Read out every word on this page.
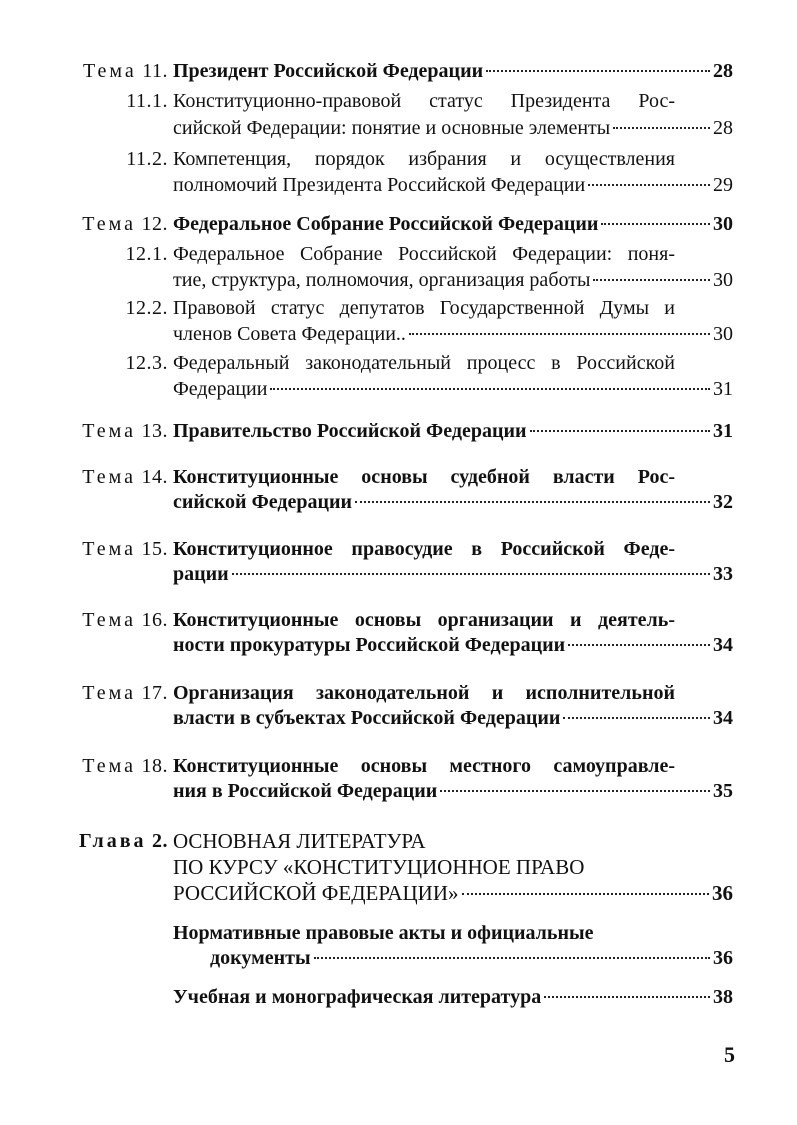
Тема 11. Президент Российской Федерации	28
11.1. Конституционно-правовой статус Президента Рос-
сийской Федерации: понятие и основные элементы	28
11.2. Компетенция, порядок избрания и осуществления
полномочий Президента Российской Федерации	29
Тема 12. Федеральное Собрание Российской Федерации	30
12.1. Федеральное Собрание Российской Федерации: поня-
тие, структура, полномочия, организация работы	30
12.2. Правовой статус депутатов Государственной Думы и
членов Совета Федерации..	30
12.3. Федеральный законодательный процесс в Российской
Федерации	31
Тема 13. Правительство Российской Федерации	31
Тема 14. Конституционные основы судебной власти Рос-
сийской Федерации	32
Тема 15. Конституционное правосудие в Российской Феде-
рации	33
Тема 16. Конституционные основы организации и деятель-
ности прокуратуры Российской Федерации	34
Тема 17. Организация законодательной и исполнительной
власти в субъектах Российской Федерации	34
Тема 18. Конституционные основы местного самоуправле-
ния в Российской Федерации	35
Глава 2. ОСНОВНАЯ ЛИТЕРАТУРА
ПО КУРСУ «КОНСТИТУЦИОННОЕ ПРАВО
РОССИЙСКОЙ ФЕДЕРАЦИИ»	36
Нормативные правовые акты и официальные
документы	36
Учебная и монографическая литература	38
5
